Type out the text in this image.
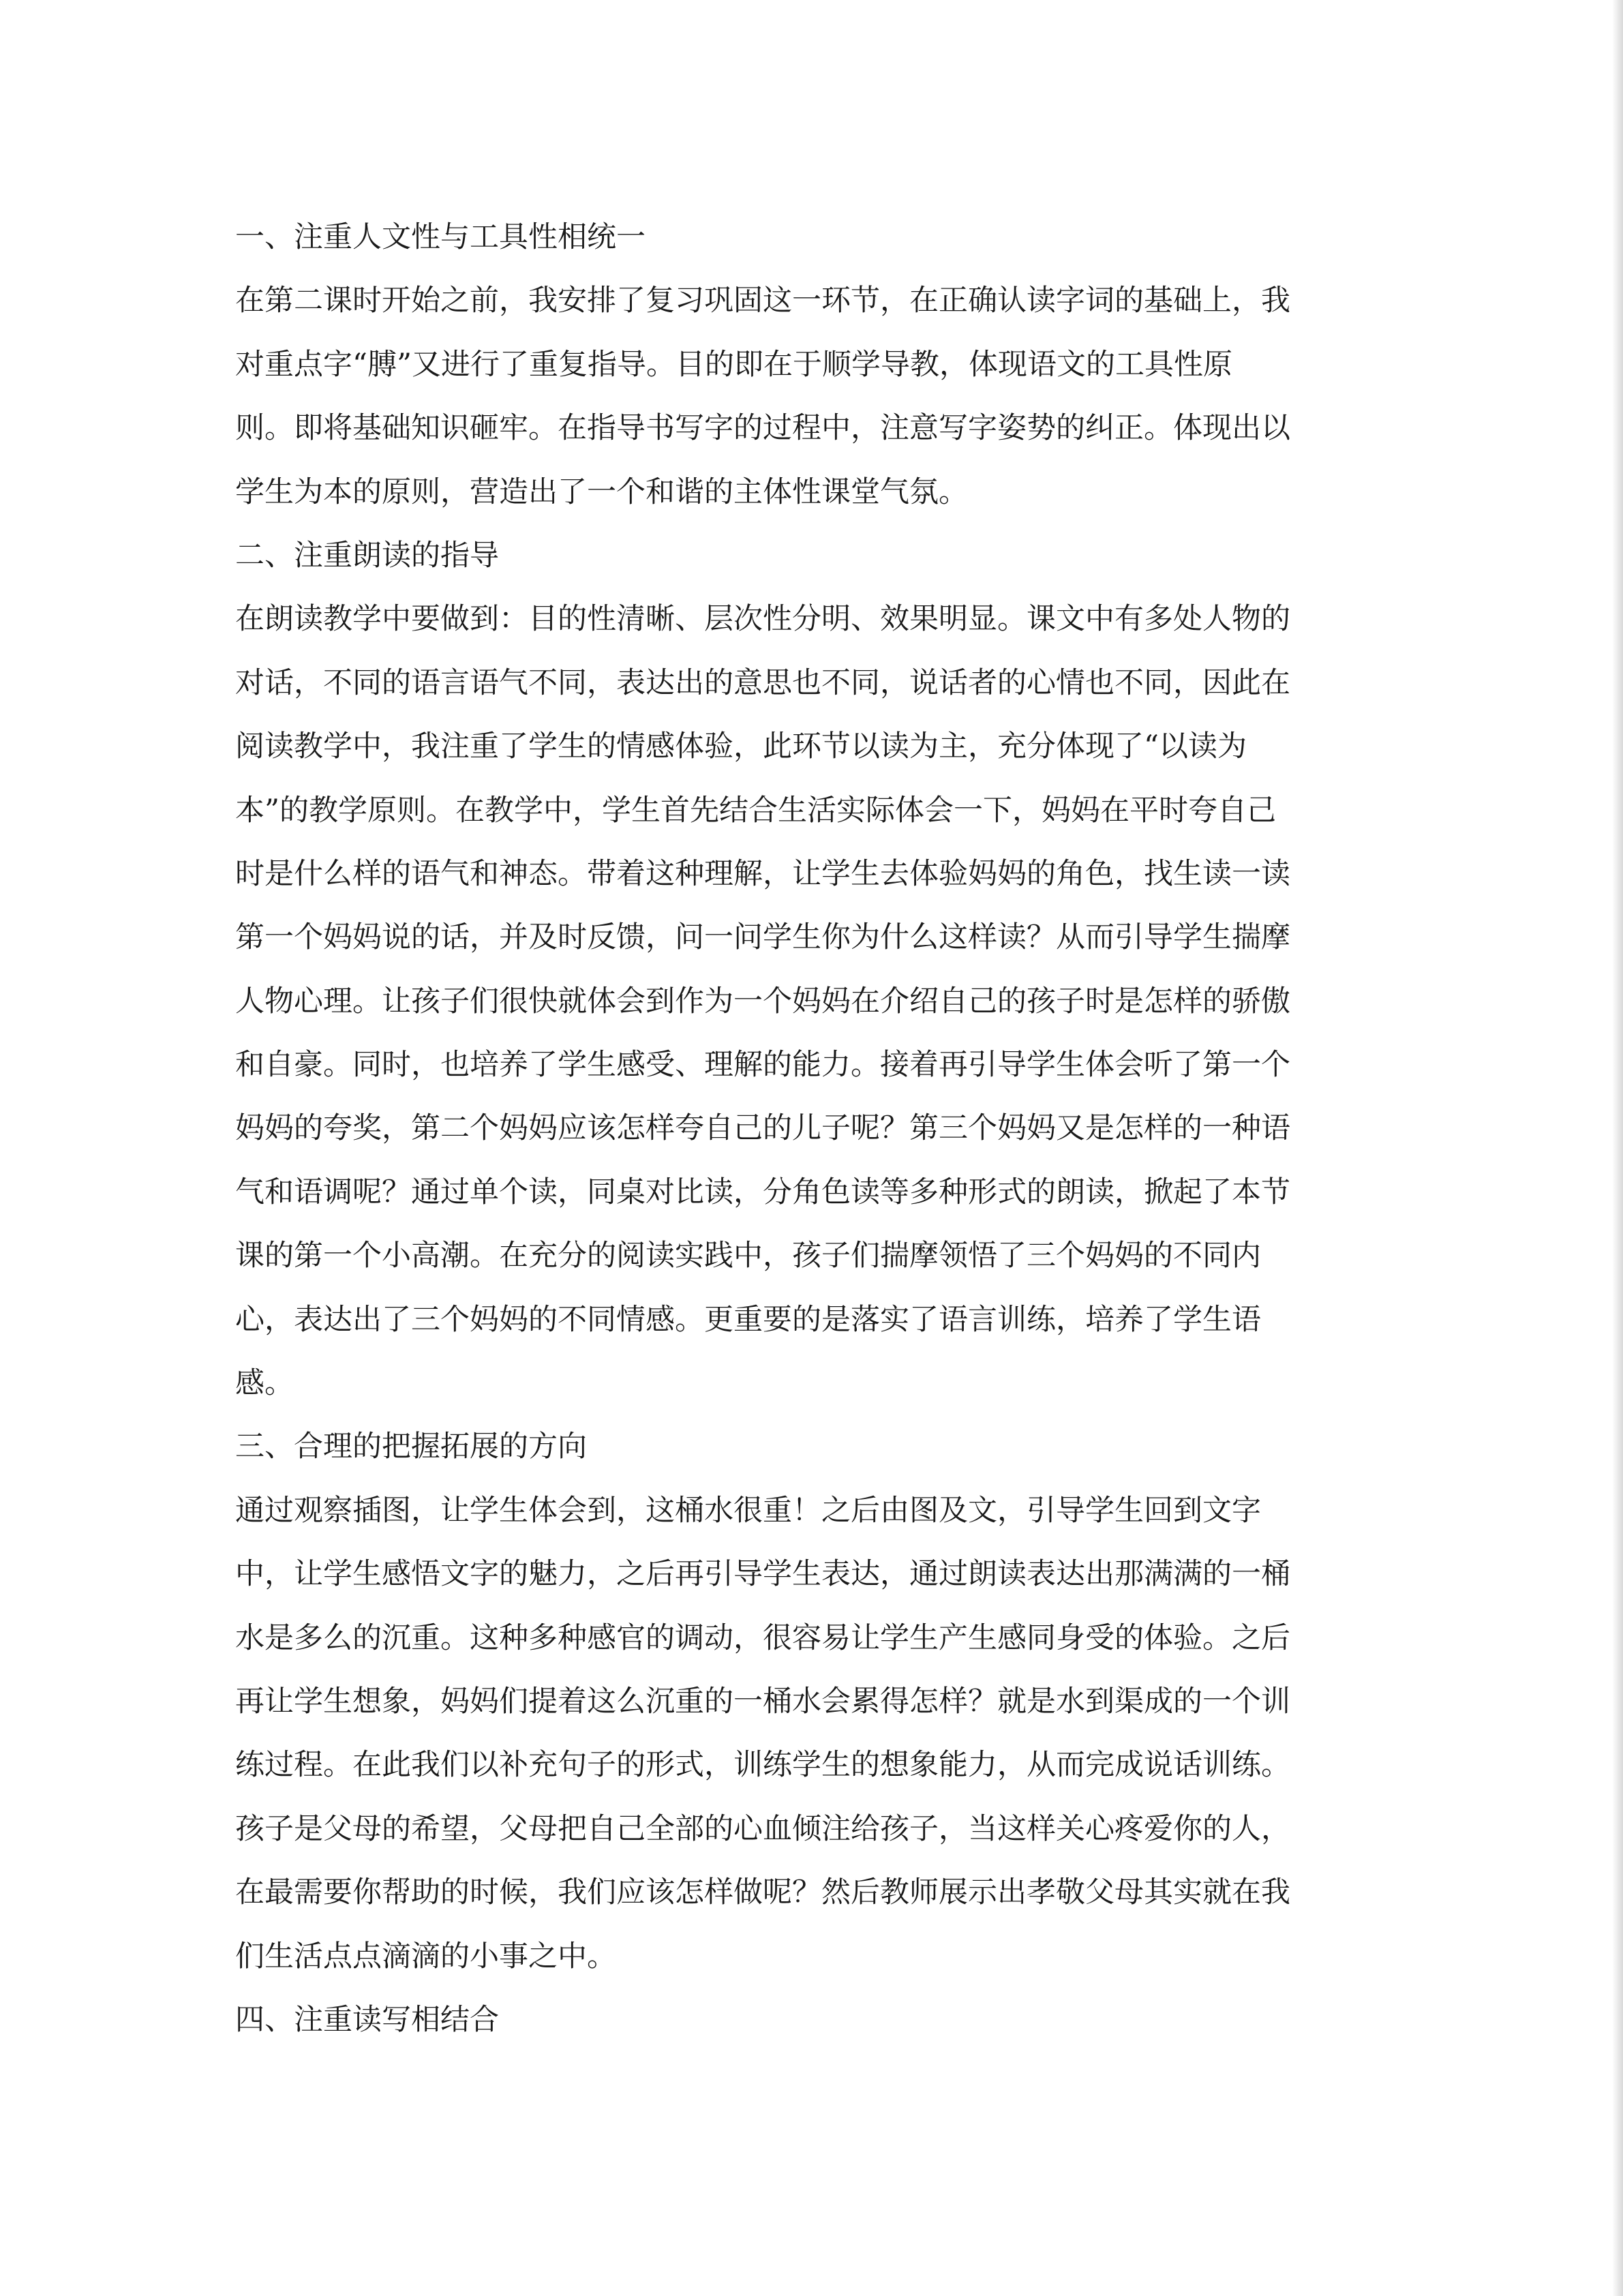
一、注重人文性与工具性相统一
在第二课时开始之前，我安排了复习巩固这一环节，在正确认读字词的基础上，我
对重点字“膊”又进行了重复指导。目的即在于顺学导教，体现语文的工具性原
则。即将基础知识砸牢。在指导书写字的过程中，注意写字姿势的纠正。体现出以
学生为本的原则，营造出了一个和谐的主体性课堂气氛。
二、注重朗读的指导
在朗读教学中要做到：目的性清晰、层次性分明、效果明显。课文中有多处人物的
对话，不同的语言语气不同，表达出的意思也不同，说话者的心情也不同，因此在
阅读教学中，我注重了学生的情感体验，此环节以读为主，充分体现了“以读为
本”的教学原则。在教学中，学生首先结合生活实际体会一下，妈妈在平时夸自己
时是什么样的语气和神态。带着这种理解，让学生去体验妈妈的角色，找生读一读
第一个妈妈说的话，并及时反馈，问一问学生你为什么这样读？从而引导学生揣摩
人物心理。让孩子们很快就体会到作为一个妈妈在介绍自己的孩子时是怎样的骄傲
和自豪。同时，也培养了学生感受、理解的能力。接着再引导学生体会听了第一个
妈妈的夸奖，第二个妈妈应该怎样夸自己的儿子呢？第三个妈妈又是怎样的一种语
气和语调呢？通过单个读，同桌对比读，分角色读等多种形式的朗读，掀起了本节
课的第一个小高潮。在充分的阅读实践中，孩子们揣摩领悟了三个妈妈的不同内
心，表达出了三个妈妈的不同情感。更重要的是落实了语言训练，培养了学生语
感。
三、合理的把握拓展的方向
通过观察插图，让学生体会到，这桶水很重！之后由图及文，引导学生回到文字
中，让学生感悟文字的魅力，之后再引导学生表达，通过朗读表达出那满满的一桶
水是多么的沉重。这种多种感官的调动，很容易让学生产生感同身受的体验。之后
再让学生想象，妈妈们提着这么沉重的一桶水会累得怎样？就是水到渠成的一个训
练过程。在此我们以补充句子的形式，训练学生的想象能力，从而完成说话训练。
孩子是父母的希望，父母把自己全部的心血倾注给孩子，当这样关心疼爱你的人，
在最需要你帮助的时候，我们应该怎样做呢？然后教师展示出孝敬父母其实就在我
们生活点点滴滴的小事之中。
四、注重读写相结合
